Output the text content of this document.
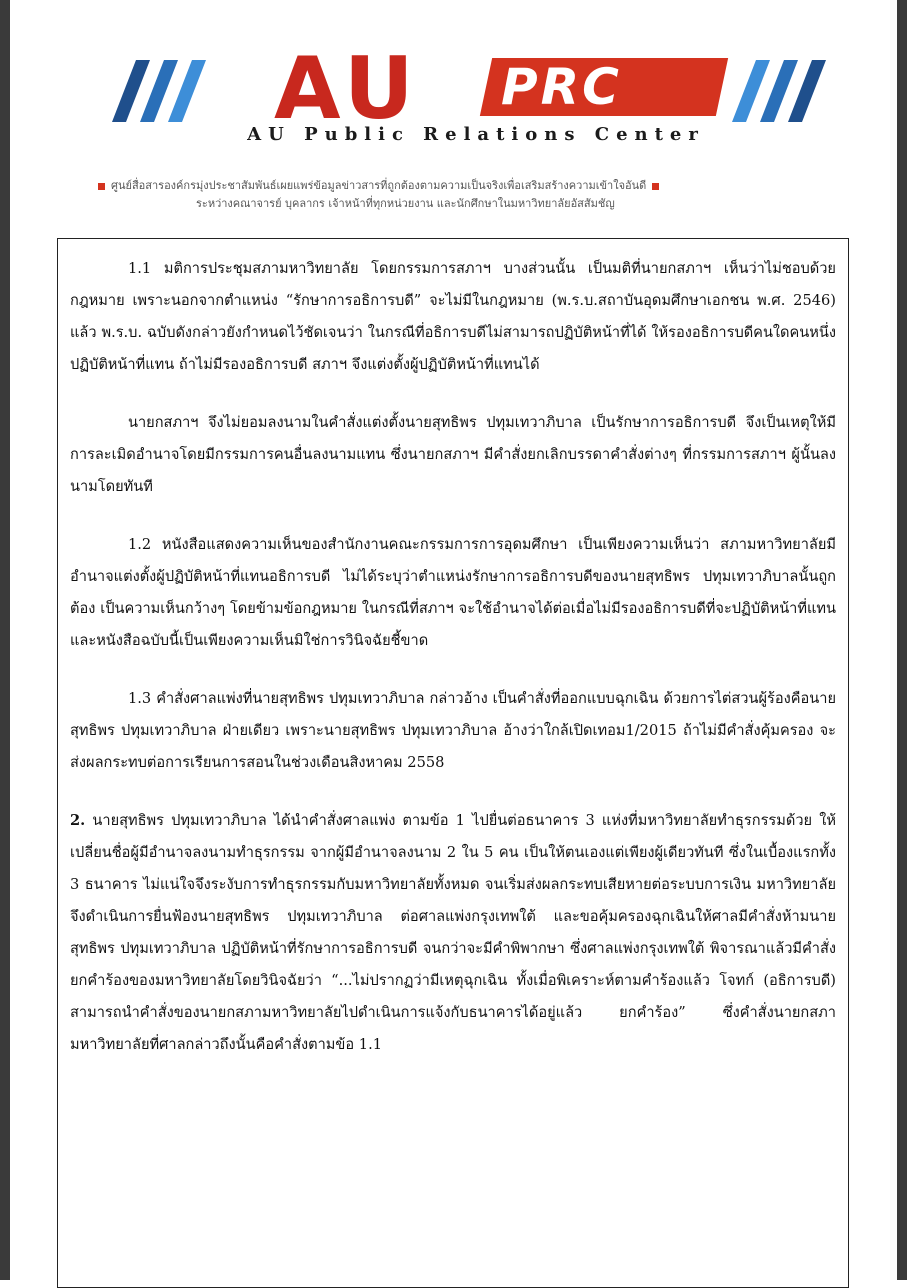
AU PRC
AU Public Relations Center
ศูนย์สื่อสารองค์กรมุ่งประชาสัมพันธ์เผยแพร่ข้อมูลข่าวสารที่ถูกต้องตามความเป็นจริงเพื่อเสริมสร้างความเข้าใจอันดี
ระหว่างคณาจารย์ บุคลากร เจ้าหน้าที่ทุกหน่วยงาน และนักศึกษาในมหาวิทยาลัยอัสสัมชัญ

1.1 มติการประชุมสภามหาวิทยาลัย โดยกรรมการสภาฯ บางส่วนนั้น เป็นมติที่นายกสภาฯ เห็นว่าไม่ชอบด้วยกฎหมาย เพราะนอกจากตำแหน่ง “รักษาการอธิการบดี” จะไม่มีในกฎหมาย (พ.ร.บ.สถาบันอุดมศึกษาเอกชน พ.ศ. 2546) แล้ว พ.ร.บ. ฉบับดังกล่าวยังกำหนดไว้ชัดเจนว่า ในกรณีที่อธิการบดีไม่สามารถปฏิบัติหน้าที่ได้ ให้รองอธิการบดีคนใดคนหนึ่งปฏิบัติหน้าที่แทน ถ้าไม่มีรองอธิการบดี สภาฯ จึงแต่งตั้งผู้ปฏิบัติหน้าที่แทนได้

นายกสภาฯ จึงไม่ยอมลงนามในคำสั่งแต่งตั้งนายสุทธิพร ปทุมเทวาภิบาล เป็นรักษาการอธิการบดี จึงเป็นเหตุให้มีการละเมิดอำนาจโดยมีกรรมการคนอื่นลงนามแทน ซึ่งนายกสภาฯ มีคำสั่งยกเลิกบรรดาคำสั่งต่างๆ ที่กรรมการสภาฯ ผู้นั้นลงนามโดยทันที

1.2 หนังสือแสดงความเห็นของสำนักงานคณะกรรมการการอุดมศึกษา เป็นเพียงความเห็นว่า สภามหาวิทยาลัยมีอำนาจแต่งตั้งผู้ปฏิบัติหน้าที่แทนอธิการบดี ไม่ได้ระบุว่าตำแหน่งรักษาการอธิการบดีของนายสุทธิพร ปทุมเทวาภิบาลนั้นถูกต้อง เป็นความเห็นกว้างๆ โดยข้ามข้อกฎหมาย ในกรณีที่สภาฯ จะใช้อำนาจได้ต่อเมื่อไม่มีรองอธิการบดีที่จะปฏิบัติหน้าที่แทน และหนังสือฉบับนี้เป็นเพียงความเห็นมิใช่การวินิจฉัยชี้ขาด

1.3 คำสั่งศาลแพ่งที่นายสุทธิพร ปทุมเทวาภิบาล กล่าวอ้าง เป็นคำสั่งที่ออกแบบฉุกเฉิน ด้วยการไต่สวนผู้ร้องคือนายสุทธิพร ปทุมเทวาภิบาล ฝ่ายเดียว เพราะนายสุทธิพร ปทุมเทวาภิบาล อ้างว่าใกล้เปิดเทอม1/2015 ถ้าไม่มีคำสั่งคุ้มครอง จะส่งผลกระทบต่อการเรียนการสอนในช่วงเดือนสิงหาคม 2558

2. นายสุทธิพร ปทุมเทวาภิบาล ได้นำคำสั่งศาลแพ่ง ตามข้อ 1 ไปยื่นต่อธนาคาร 3 แห่งที่มหาวิทยาลัยทำธุรกรรมด้วย ให้เปลี่ยนชื่อผู้มีอำนาจลงนามทำธุรกรรม จากผู้มีอำนาจลงนาม 2 ใน 5 คน เป็นให้ตนเองแต่เพียงผู้เดียวทันที ซึ่งในเบื้องแรกทั้ง 3 ธนาคาร ไม่แน่ใจจึงระงับการทำธุรกรรมกับมหาวิทยาลัยทั้งหมด จนเริ่มส่งผลกระทบเสียหายต่อระบบการเงิน มหาวิทยาลัยจึงดำเนินการยื่นฟ้องนายสุทธิพร ปทุมเทวาภิบาล ต่อศาลแพ่งกรุงเทพใต้ และขอคุ้มครองฉุกเฉินให้ศาลมีคำสั่งห้ามนายสุทธิพร ปทุมเทวาภิบาล ปฏิบัติหน้าที่รักษาการอธิการบดี จนกว่าจะมีคำพิพากษา ซึ่งศาลแพ่งกรุงเทพใต้ พิจารณาแล้วมีคำสั่งยกคำร้องของมหาวิทยาลัยโดยวินิจฉัยว่า “...ไม่ปรากฏว่ามีเหตุฉุกเฉิน ทั้งเมื่อพิเคราะห์ตามคำร้องแล้ว โจทก์ (อธิการบดี) สามารถนำคำสั่งของนายกสภามหาวิทยาลัยไปดำเนินการแจ้งกับธนาคารได้อยู่แล้ว ยกคำร้อง” ซึ่งคำสั่งนายกสภามหาวิทยาลัยที่ศาลกล่าวถึงนั้นคือคำสั่งตามข้อ 1.1
